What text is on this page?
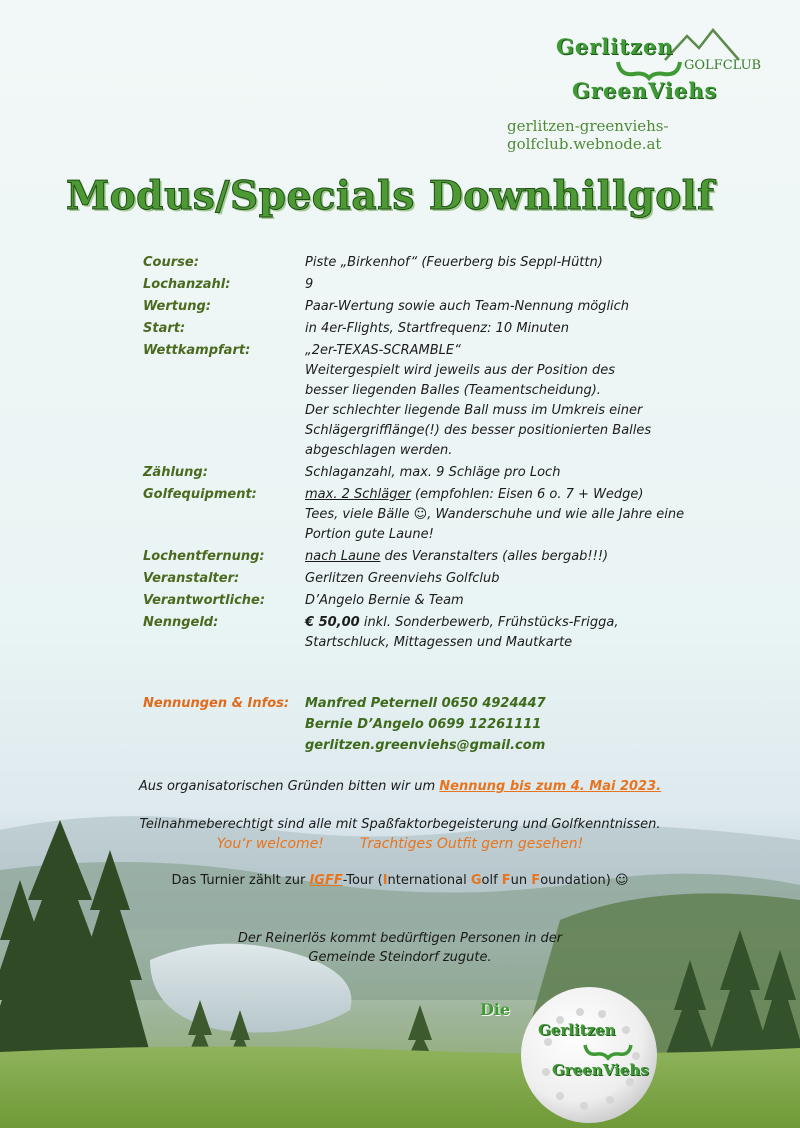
Gerlitzen
GOLFCLUB
GreenViehs
gerlitzen-greenviehs-golfclub.webnode.at
Modus/Specials Downhillgolf
Course:	Piste „Birkenhof“ (Feuerberg bis Seppl-Hüttn)
Lochanzahl:	9
Wertung:	Paar-Wertung sowie auch Team-Nennung möglich
Start:	in 4er-Flights, Startfrequenz: 10 Minuten
Wettkampfart:	„2er-TEXAS-SCRAMBLE“
Weitergespielt wird jeweils aus der Position des
besser liegenden Balles (Teamentscheidung).
Der schlechter liegende Ball muss im Umkreis einer
Schlägergrifflänge(!) des besser positionierten Balles
abgeschlagen werden.
Zählung:	Schlaganzahl, max. 9 Schläge pro Loch
Golfequipment:	max. 2 Schläger (empfohlen: Eisen 6 o. 7 + Wedge)
Tees, viele Bälle ☺, Wanderschuhe und wie alle Jahre eine
Portion gute Laune!
Lochentfernung:	nach Laune des Veranstalters (alles bergab!!!)
Veranstalter:	Gerlitzen Greenviehs Golfclub
Verantwortliche:	D’Angelo Bernie & Team
Nenngeld:	€ 50,00 inkl. Sonderbewerb, Frühstücks-Frigga,
Startschluck, Mittagessen und Mautkarte
Nennungen & Infos:	Manfred Peternell 0650 4924447
Bernie D’Angelo 0699 12261111
gerlitzen.greenviehs@gmail.com
Aus organisatorischen Gründen bitten wir um Nennung bis zum 4. Mai 2023.
Teilnahmeberechtigt sind alle mit Spaßfaktorbegeisterung und Golfkenntnissen.
You‘r welcome!	Trachtiges Outfit gern gesehen!
Das Turnier zählt zur IGFF-Tour (International Golf Fun Foundation) ☺
Der Reinerlös kommt bedürftigen Personen in der
Gemeinde Steindorf zugute.
Die
Gerlitzen
GreenViehs
